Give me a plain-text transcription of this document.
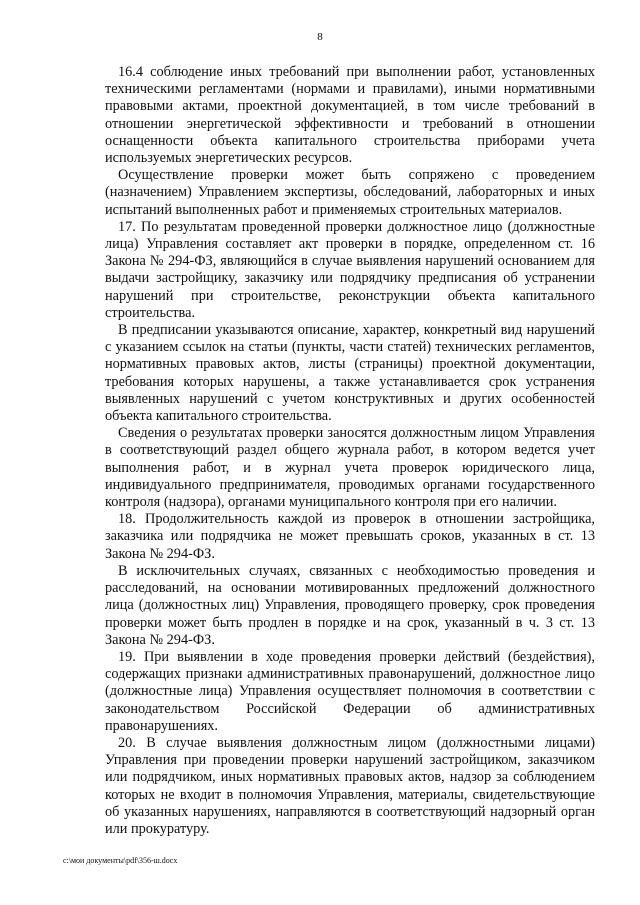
8

16.4 соблюдение иных требований при выполнении работ, установленных техническими регламентами (нормами и правилами), иными нормативными правовыми актами, проектной документацией, в том числе требований в отношении энергетической эффективности и требований в отношении оснащенности объекта капитального строительства приборами учета используемых энергетических ресурсов.

Осуществление проверки может быть сопряжено с проведением (назначением) Управлением экспертизы, обследований, лабораторных и иных испытаний выполненных работ и применяемых строительных материалов.

17. По результатам проведенной проверки должностное лицо (должностные лица) Управления составляет акт проверки в порядке, определенном ст. 16 Закона № 294-ФЗ, являющийся в случае выявления нарушений основанием для выдачи застройщику, заказчику или подрядчику предписания об устранении нарушений при строительстве, реконструкции объекта капитального строительства.

В предписании указываются описание, характер, конкретный вид нарушений с указанием ссылок на статьи (пункты, части статей) технических регламентов, нормативных правовых актов, листы (страницы) проектной документации, требования которых нарушены, а также устанавливается срок устранения выявленных нарушений с учетом конструктивных и других особенностей объекта капитального строительства.

Сведения о результатах проверки заносятся должностным лицом Управления в соответствующий раздел общего журнала работ, в котором ведется учет выполнения работ, и в журнал учета проверок юридического лица, индивидуального предпринимателя, проводимых органами государственного контроля (надзора), органами муниципального контроля при его наличии.

18. Продолжительность каждой из проверок в отношении застройщика, заказчика или подрядчика не может превышать сроков, указанных в ст. 13 Закона № 294-ФЗ.

В исключительных случаях, связанных с необходимостью проведения и расследований, на основании мотивированных предложений должностного лица (должностных лиц) Управления, проводящего проверку, срок проведения проверки может быть продлен в порядке и на срок, указанный в ч. 3 ст. 13 Закона № 294-ФЗ.

19. При выявлении в ходе проведения проверки действий (бездействия), содержащих признаки административных правонарушений, должностное лицо (должностные лица) Управления осуществляет полномочия в соответствии с законодательством Российской Федерации об административных правонарушениях.

20. В случае выявления должностным лицом (должностными лицами) Управления при проведении проверки нарушений застройщиком, заказчиком или подрядчиком, иных нормативных правовых актов, надзор за соблюдением которых не входит в полномочия Управления, материалы, свидетельствующие об указанных нарушениях, направляются в соответствующий надзорный орган или прокуратуру.

c:\мои документы\pdf\356-ш.docx
